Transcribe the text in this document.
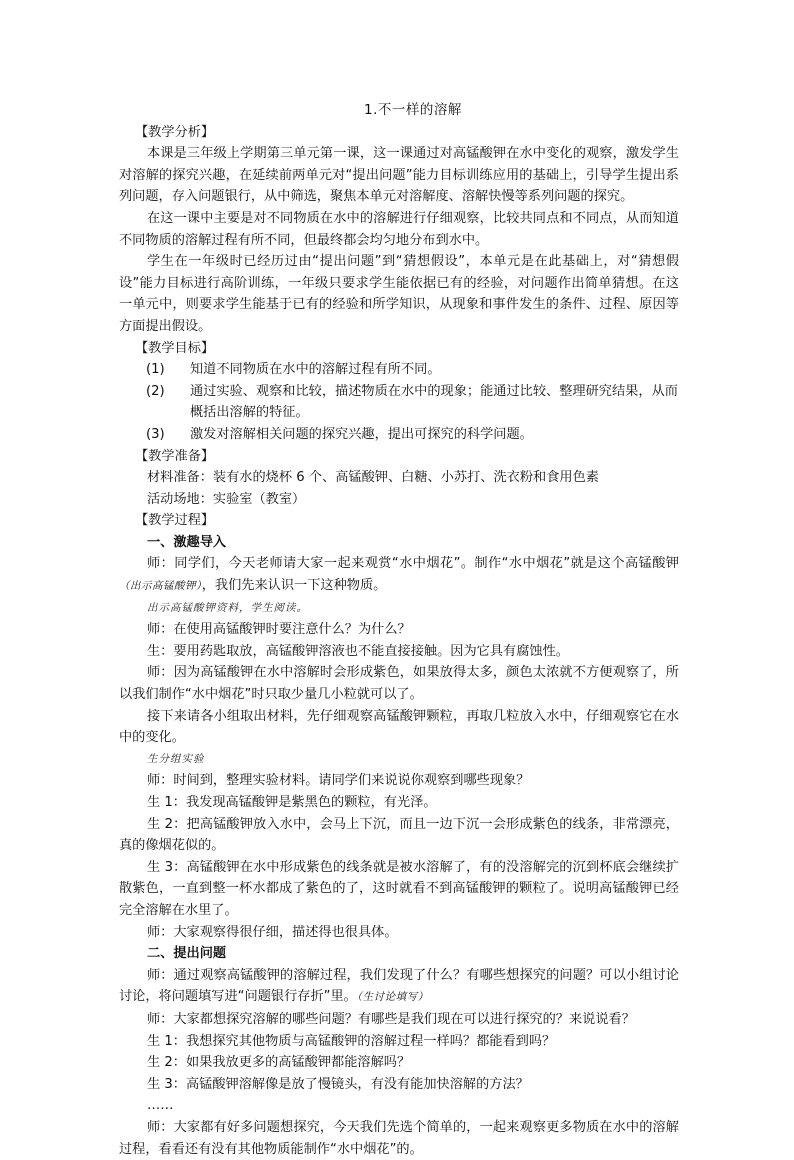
1.不一样的溶解
【教学分析】

本课是三年级上学期第三单元第一课，这一课通过对高锰酸钾在水中变化的观察，激发学生对溶解的探究兴趣，在延续前两单元对“提出问题”能力目标训练应用的基础上，引导学生提出系列问题，存入问题银行，从中筛选，聚焦本单元对溶解度、溶解快慢等系列问题的探究。

在这一课中主要是对不同物质在水中的溶解进行仔细观察，比较共同点和不同点，从而知道不同物质的溶解过程有所不同，但最终都会均匀地分布到水中。

学生在一年级时已经历过由“提出问题”到“猜想假设”，本单元是在此基础上，对“猜想假设”能力目标进行高阶训练，一年级只要求学生能依据已有的经验，对问题作出简单猜想。在这一单元中，则要求学生能基于已有的经验和所学知识，从现象和事件发生的条件、过程、原因等方面提出假设。

【教学目标】
(1)	知道不同物质在水中的溶解过程有所不同。
(2)	通过实验、观察和比较，描述物质在水中的现象；能通过比较、整理研究结果，从而概括出溶解的特征。
(3)	激发对溶解相关问题的探究兴趣，提出可探究的科学问题。
【教学准备】

材料准备：装有水的烧杯 6 个、高锰酸钾、白糖、小苏打、洗衣粉和食用色素

活动场地：实验室（教室）

【教学过程】
一、激趣导入

师：同学们，今天老师请大家一起来观赏“水中烟花”。制作“水中烟花”就是这个高锰酸钾（出示高锰酸钾），我们先来认识一下这种物质。

出示高锰酸钾资料，学生阅读。

师：在使用高锰酸钾时要注意什么？为什么？

生：要用药匙取放，高锰酸钾溶液也不能直接接触。因为它具有腐蚀性。

师：因为高锰酸钾在水中溶解时会形成紫色，如果放得太多，颜色太浓就不方便观察了，所以我们制作“水中烟花”时只取少量几小粒就可以了。

接下来请各小组取出材料，先仔细观察高锰酸钾颗粒，再取几粒放入水中，仔细观察它在水中的变化。

生分组实验

师：时间到，整理实验材料。请同学们来说说你观察到哪些现象？

生 1：我发现高锰酸钾是紫黑色的颗粒，有光泽。

生 2：把高锰酸钾放入水中，会马上下沉，而且一边下沉一会形成紫色的线条，非常漂亮，真的像烟花似的。

生 3：高锰酸钾在水中形成紫色的线条就是被水溶解了，有的没溶解完的沉到杯底会继续扩散紫色，一直到整一杯水都成了紫色的了，这时就看不到高锰酸钾的颗粒了。说明高锰酸钾已经完全溶解在水里了。

师：大家观察得很仔细，描述得也很具体。

二、提出问题

师：通过观察高锰酸钾的溶解过程，我们发现了什么？有哪些想探究的问题？可以小组讨论讨论，将问题填写进“问题银行存折”里。（生讨论填写）

师：大家都想探究溶解的哪些问题？有哪些是我们现在可以进行探究的？来说说看？

生 1：我想探究其他物质与高锰酸钾的溶解过程一样吗？都能看到吗？

生 2：如果我放更多的高锰酸钾都能溶解吗？

生 3：高锰酸钾溶解像是放了慢镜头，有没有能加快溶解的方法？

……

师：大家都有好多问题想探究，今天我们先选个简单的，一起来观察更多物质在水中的溶解过程，看看还有没有其他物质能制作“水中烟花”的。
